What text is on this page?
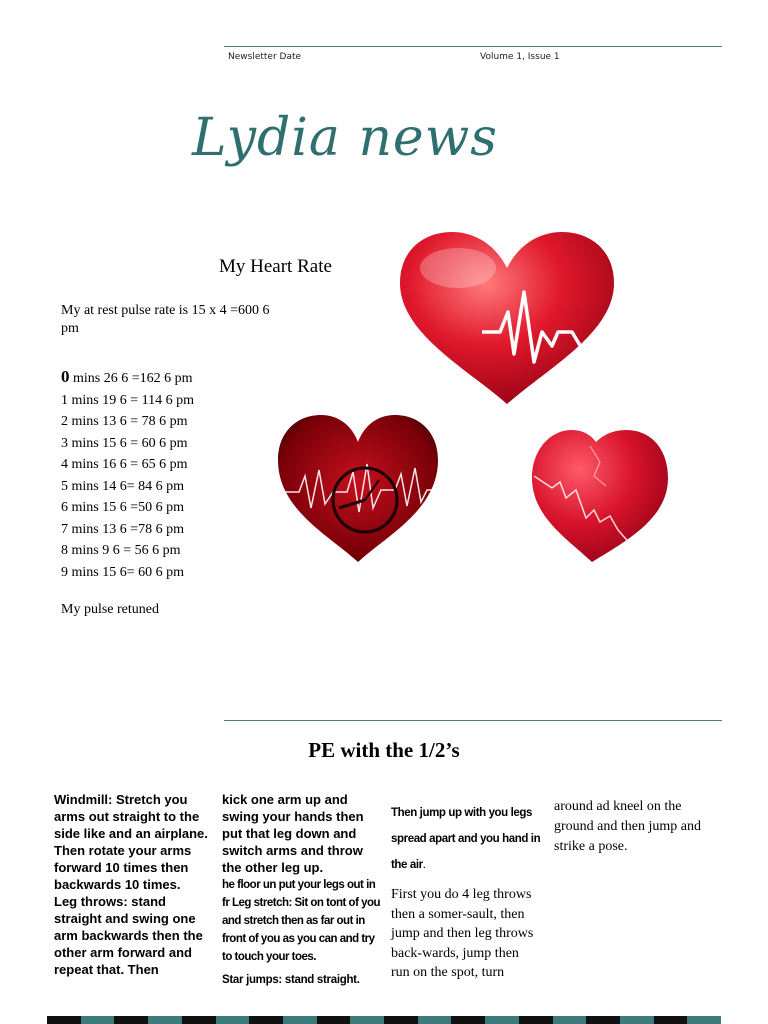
Newsletter Date	Volume 1, Issue 1
Lydia news
My Heart Rate
My at rest pulse rate is 15 x 4 =600 6 pm
0 mins 26 6 =162 6 pm
1 mins 19 6 = 114 6 pm
2 mins 13 6 = 78 6 pm
3 mins 15 6 = 60 6 pm
4 mins 16 6 = 65 6 pm
5 mins 14 6= 84 6 pm
6 mins 15 6 =50 6 pm
7 mins 13 6 =78 6 pm
8 mins 9 6 = 56 6 pm
9 mins 15 6= 60 6 pm
My pulse retuned
PE with the 1/2’s
Windmill: Stretch you arms out straight to the side like and an airplane. Then rotate your arms forward 10 times then backwards 10 times.
Leg throws: stand straight and swing one arm backwards then the other arm forward and repeat that. Then
kick one arm up and swing your hands then put that leg down and switch arms and throw the other leg up.
he floor un put your legs out in fr Leg stretch: Sit on tont of you and stretch then as far out in front of you as you can and try to touch your toes.
Star jumps: stand straight.
Then jump up with you legs spread apart and you hand in the air.
First you do 4 leg throws then a somer-sault, then jump and then leg throws back-wards, jump then run on the spot, turn
around ad kneel on the ground and then jump and strike a pose.
